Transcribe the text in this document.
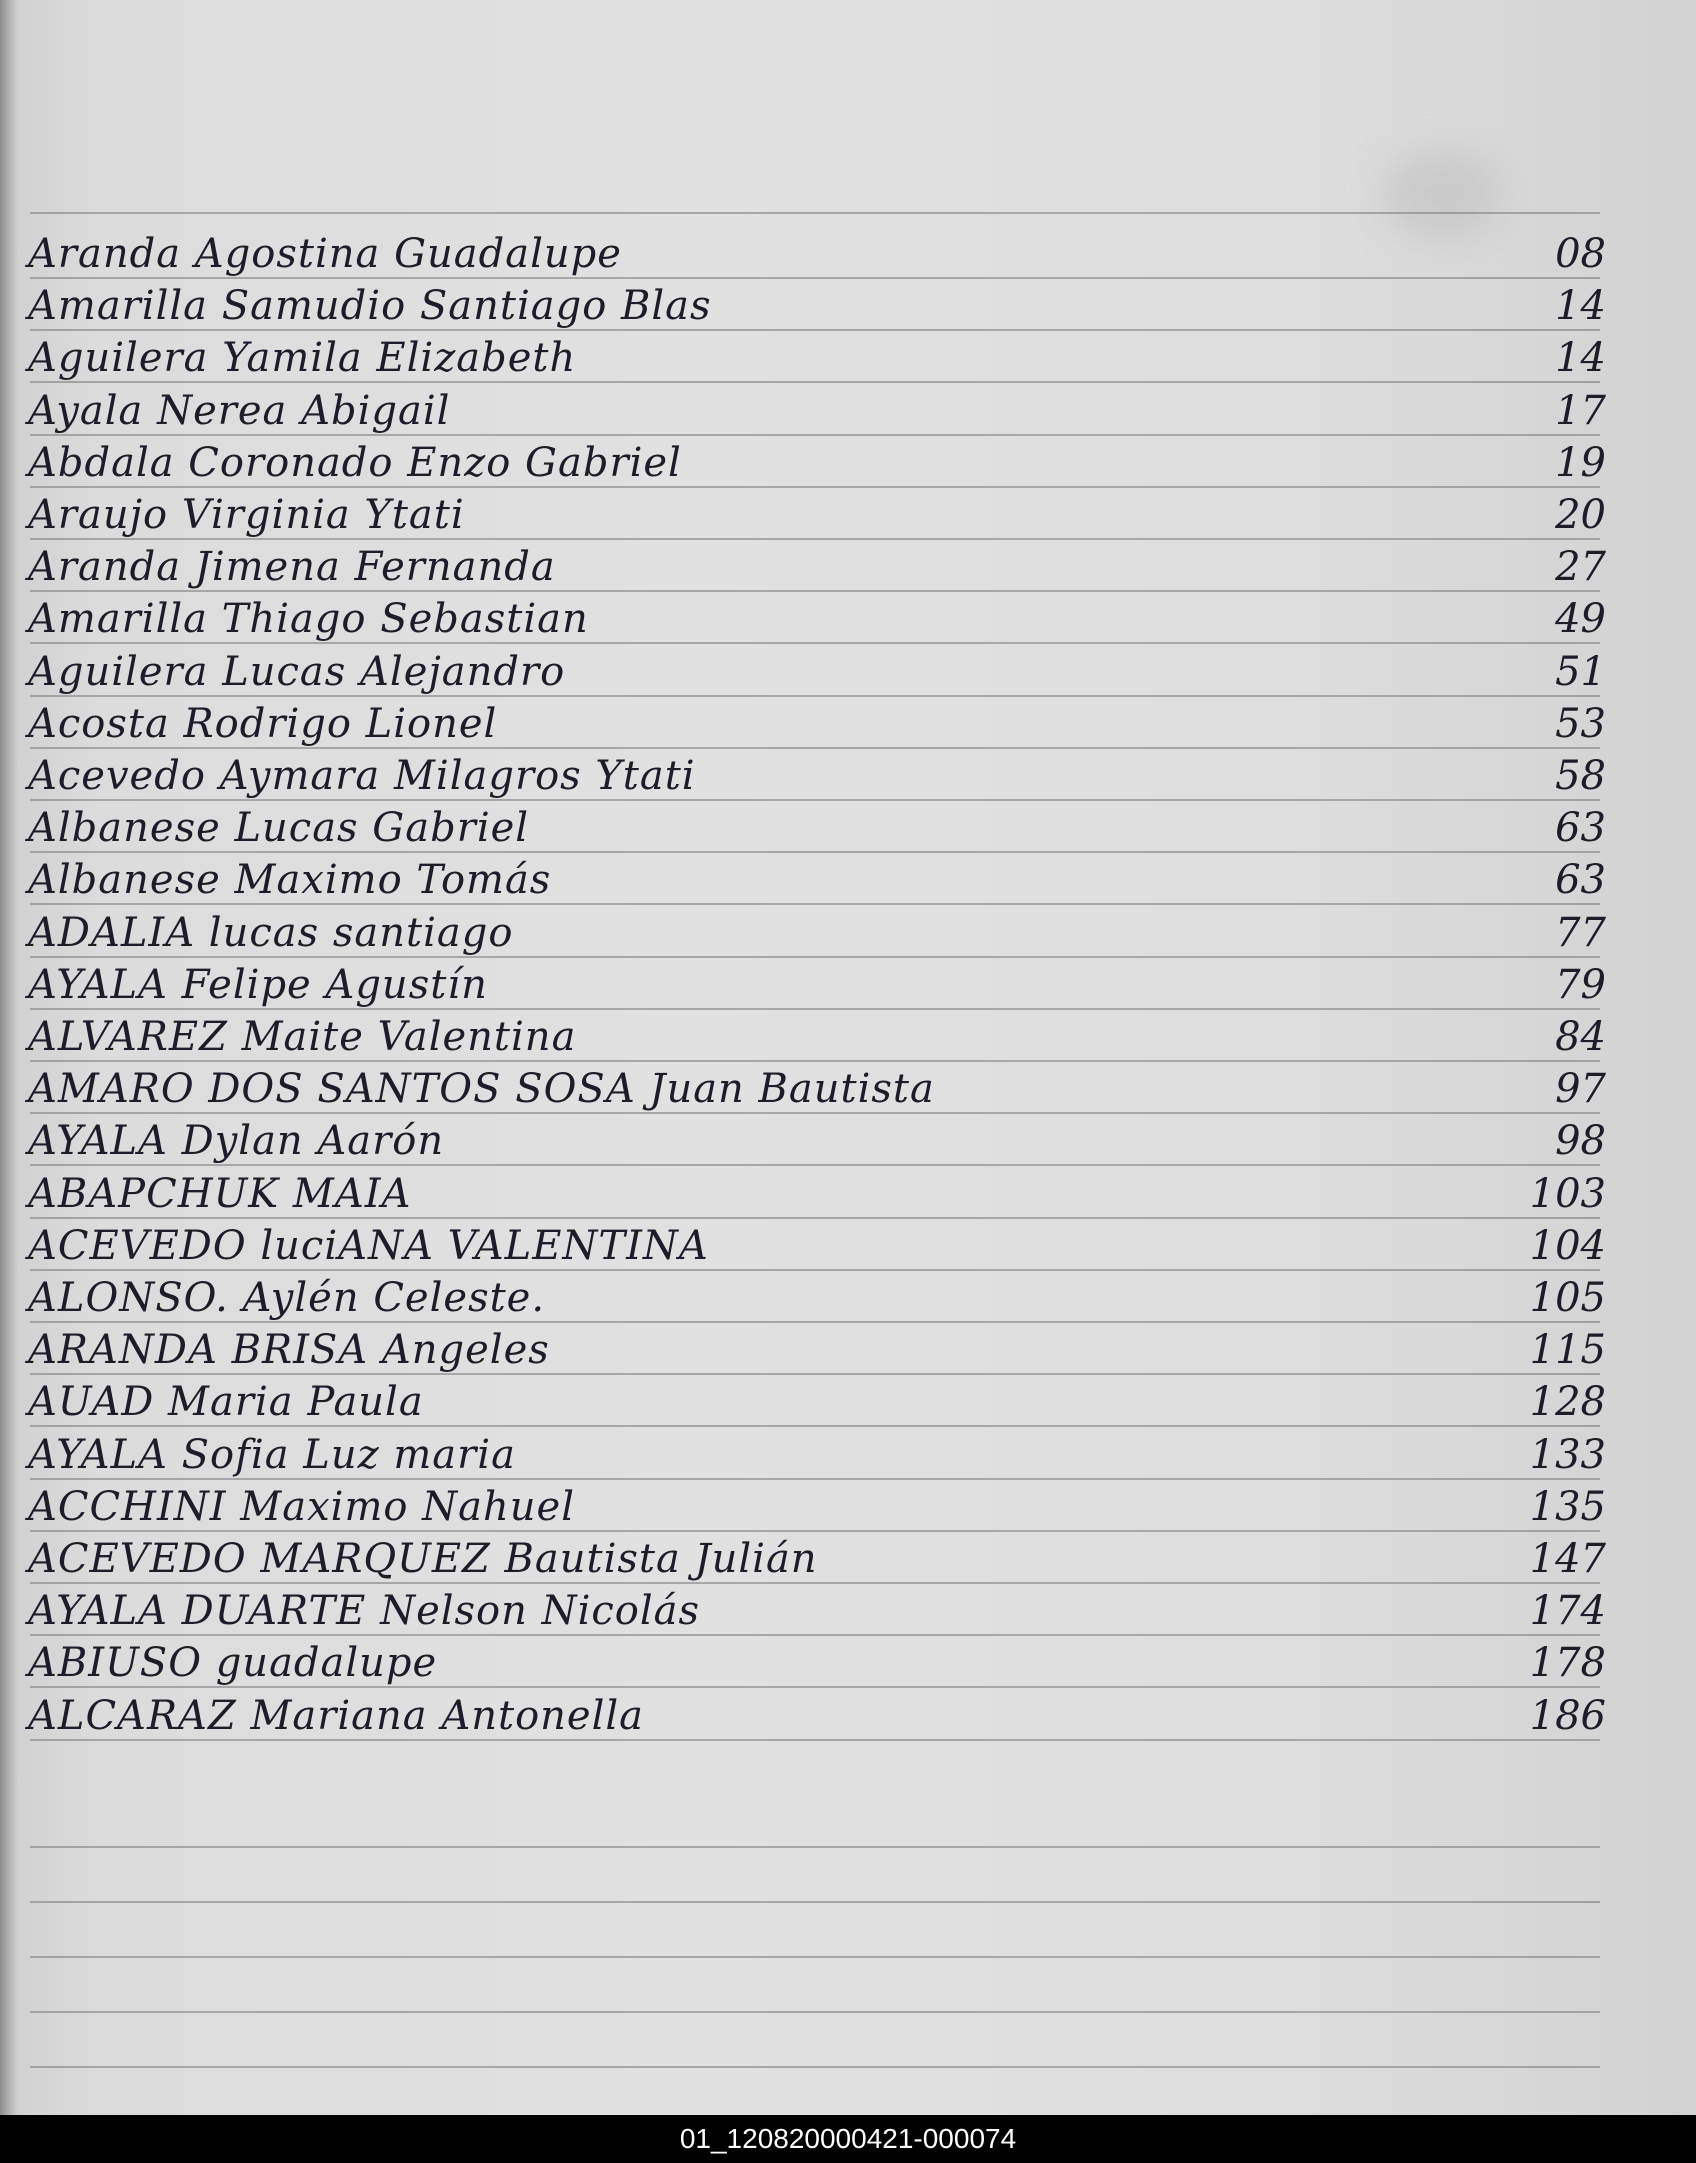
Aranda Agostina Guadalupe	08
Amarilla Samudio Santiago Blas	14
Aguilera Yamila Elizabeth	14
Ayala Nerea Abigail	17
Abdala Coronado Enzo Gabriel	19
Araujo Virginia Ytati	20
Aranda Jimena Fernanda	27
Amarilla Thiago Sebastian	49
Aguilera Lucas Alejandro	51
Acosta Rodrigo Lionel	53
Acevedo Aymara Milagros Ytati	58
Albanese Lucas Gabriel	63
Albanese Maximo Tomás	63
ADALIA lucas santiago	77
AYALA Felipe Agustín	79
ALVAREZ Maite Valentina	84
AMARO DOS SANTOS SOSA Juan Bautista	97
AYALA Dylan Aarón	98
ABAPCHUK MAIA	103
ACEVEDO luciANA VALENTINA	104
ALONSO. Aylén Celeste.	105
ARANDA BRISA Angeles	115
AUAD Maria Paula	128
AYALA Sofia Luz maria	133
ACCHINI Maximo Nahuel	135
ACEVEDO MARQUEZ Bautista Julián	147
AYALA DUARTE Nelson Nicolás	174
ABIUSO guadalupe	178
ALCARAZ Mariana Antonella	186
01_120820000421-000074
